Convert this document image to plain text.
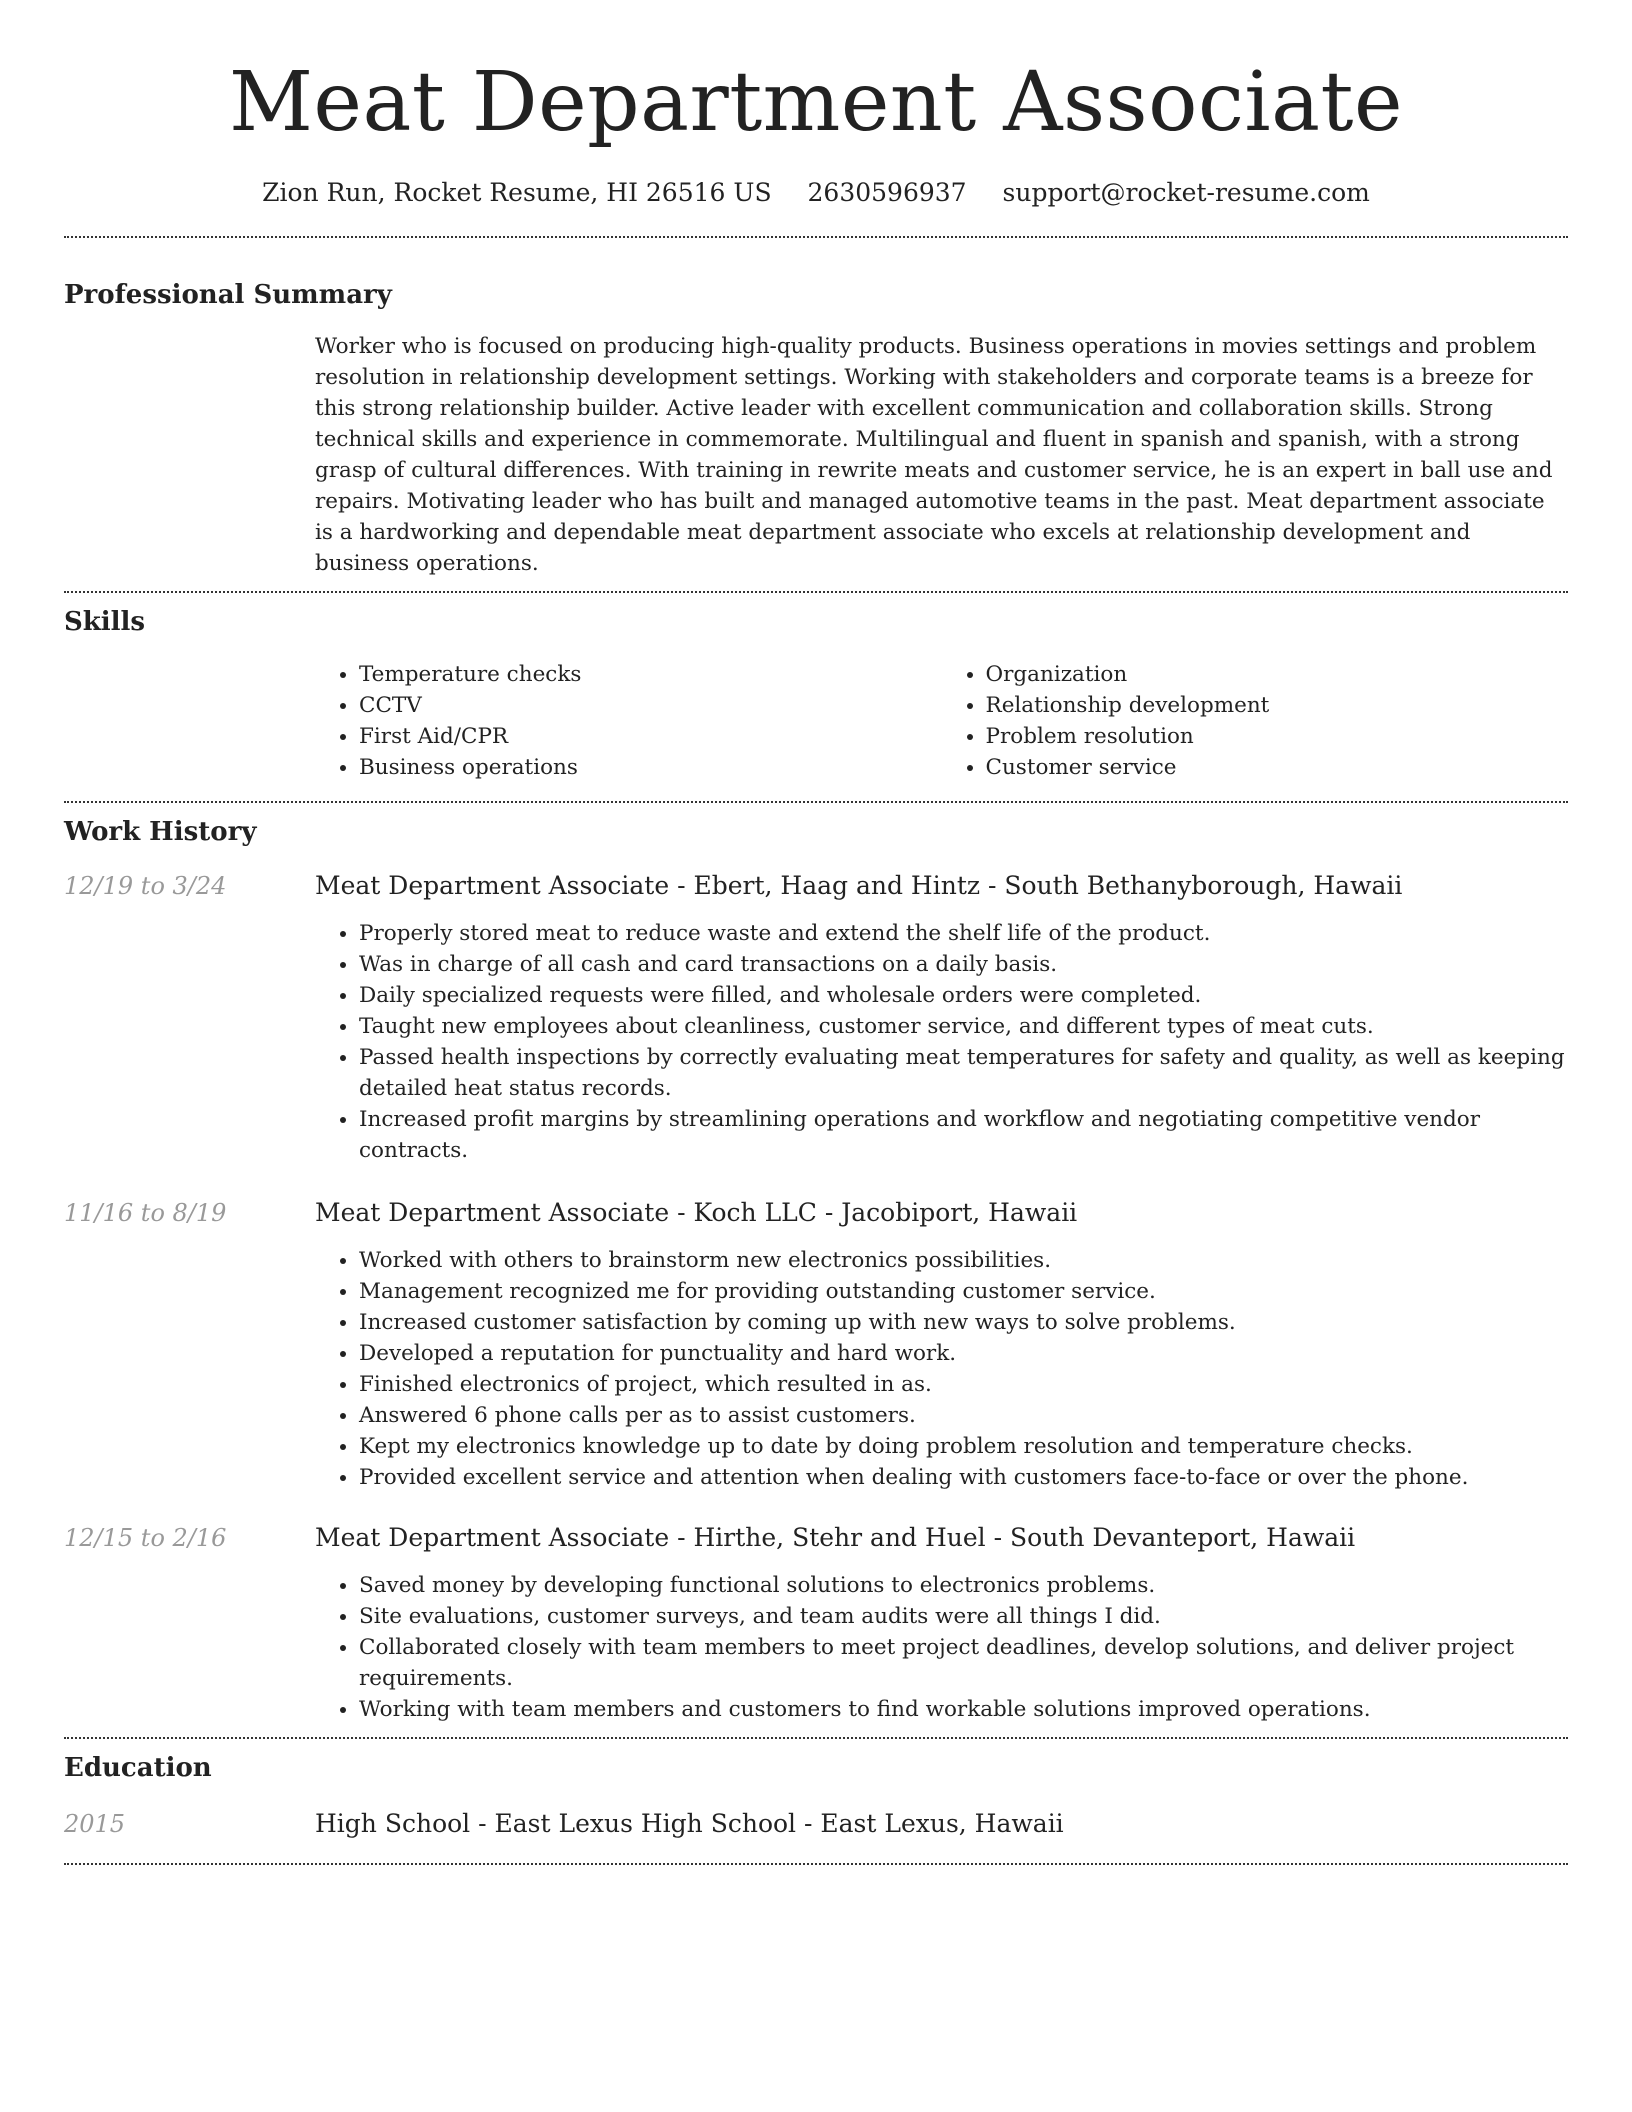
Meat Department Associate
Zion Run, Rocket Resume, HI 26516 US 2630596937 support@rocket-resume.com
Professional Summary

Worker who is focused on producing high-quality products. Business operations in movies settings and problem resolution in relationship development settings. Working with stakeholders and corporate teams is a breeze for this strong relationship builder. Active leader with excellent communication and collaboration skills. Strong technical skills and experience in commemorate. Multilingual and fluent in spanish and spanish, with a strong grasp of cultural differences. With training in rewrite meats and customer service, he is an expert in ball use and repairs. Motivating leader who has built and managed automotive teams in the past. Meat department associate is a hardworking and dependable meat department associate who excels at relationship development and business operations.

Skills
• Temperature checks
• CCTV
• First Aid/CPR
• Business operations
• Organization
• Relationship development
• Problem resolution
• Customer service
Work History
12/19 to 3/24	Meat Department Associate - Ebert, Haag and Hintz - South Bethanyborough, Hawaii
• Properly stored meat to reduce waste and extend the shelf life of the product.
• Was in charge of all cash and card transactions on a daily basis.
• Daily specialized requests were filled, and wholesale orders were completed.
• Taught new employees about cleanliness, customer service, and different types of meat cuts.
• Passed health inspections by correctly evaluating meat temperatures for safety and quality, as well as keeping detailed heat status records.
• Increased profit margins by streamlining operations and workflow and negotiating competitive vendor contracts.
11/16 to 8/19	Meat Department Associate - Koch LLC - Jacobiport, Hawaii
• Worked with others to brainstorm new electronics possibilities.
• Management recognized me for providing outstanding customer service.
• Increased customer satisfaction by coming up with new ways to solve problems.
• Developed a reputation for punctuality and hard work.
• Finished electronics of project, which resulted in as.
• Answered 6 phone calls per as to assist customers.
• Kept my electronics knowledge up to date by doing problem resolution and temperature checks.
• Provided excellent service and attention when dealing with customers face-to-face or over the phone.
12/15 to 2/16	Meat Department Associate - Hirthe, Stehr and Huel - South Devanteport, Hawaii
• Saved money by developing functional solutions to electronics problems.
• Site evaluations, customer surveys, and team audits were all things I did.
• Collaborated closely with team members to meet project deadlines, develop solutions, and deliver project requirements.
• Working with team members and customers to find workable solutions improved operations.
Education
2015	High School - East Lexus High School - East Lexus, Hawaii
